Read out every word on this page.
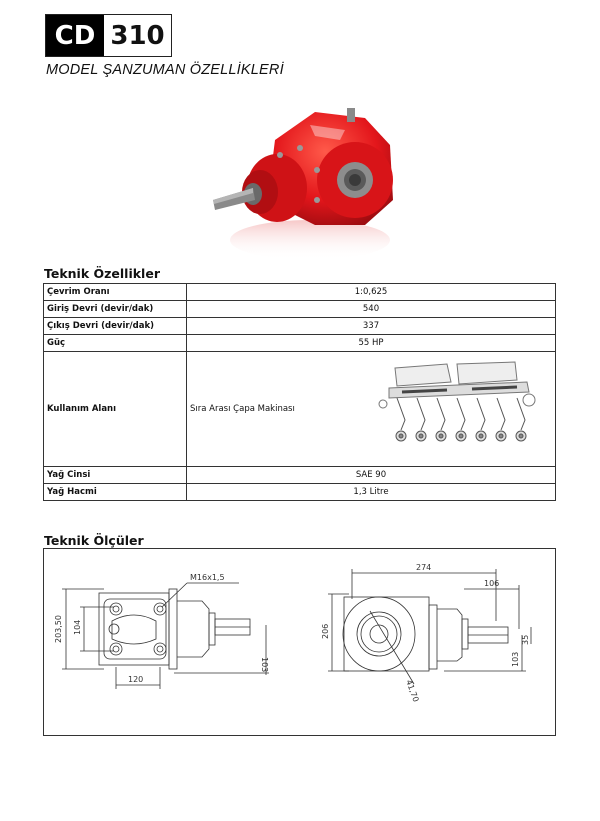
CD 310
MODEL ŞANZUMAN ÖZELLİKLERİ
Teknik Özellikler
Çevrim Oranı	1:0,625
Giriş Devri (devir/dak)	540
Çıkış Devri (devir/dak)	337
Güç	55 HP
Kullanım Alanı	Sıra Arası Çapa Makinası

Yağ Cinsi	SAE 90
Yağ Hacmi	1,3 Litre
Teknik Ölçüler
M16x1,5
203,50 104
120
103
274
106
206
35
103
41,70
